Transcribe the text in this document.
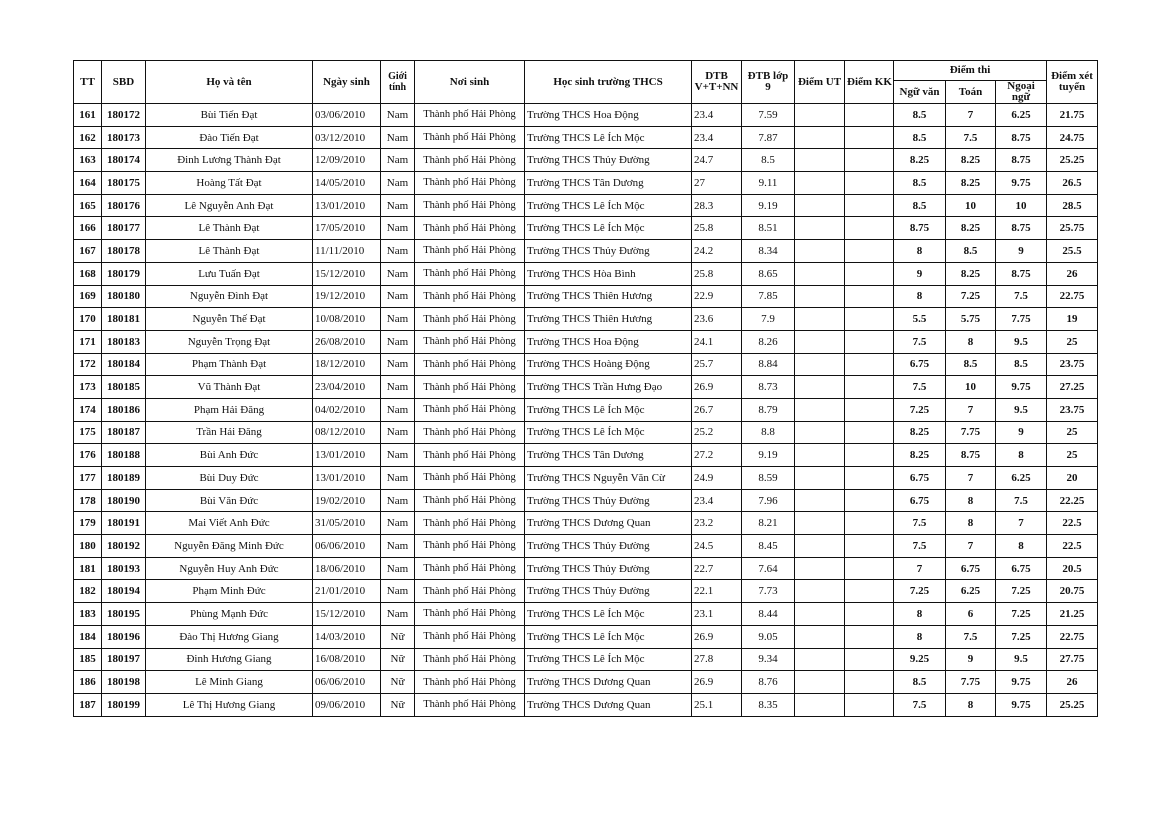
TT	SBD	Họ và tên	Ngày sinh	Giới tính	Nơi sinh	Học sinh trường THCS	DTB V+T+NN	ĐTB lớp 9	Điểm UT	Điểm KK	Điểm thi			Điểm xét tuyển
											Ngữ văn	Toán	Ngoại ngữ	
161	180172	Bùi Tiến Đạt	03/06/2010	Nam	Thành phố Hải Phòng	Trường THCS Hoa Động	23.4	7.59			8.5	7	6.25	21.75
162	180173	Đào Tiến Đạt	03/12/2010	Nam	Thành phố Hải Phòng	Trường THCS Lê Ích Mộc	23.4	7.87			8.5	7.5	8.75	24.75
163	180174	Đinh Lương Thành Đạt	12/09/2010	Nam	Thành phố Hải Phòng	Trường THCS Thủy Đường	24.7	8.5			8.25	8.25	8.75	25.25
164	180175	Hoàng Tất Đạt	14/05/2010	Nam	Thành phố Hải Phòng	Trường THCS Tân Dương	27	9.11			8.5	8.25	9.75	26.5
165	180176	Lê Nguyễn Anh Đạt	13/01/2010	Nam	Thành phố Hải Phòng	Trường THCS Lê Ích Mộc	28.3	9.19			8.5	10	10	28.5
166	180177	Lê Thành Đạt	17/05/2010	Nam	Thành phố Hải Phòng	Trường THCS Lê Ích Mộc	25.8	8.51			8.75	8.25	8.75	25.75
167	180178	Lê Thành Đạt	11/11/2010	Nam	Thành phố Hải Phòng	Trường THCS Thủy Đường	24.2	8.34			8	8.5	9	25.5
168	180179	Lưu Tuấn Đạt	15/12/2010	Nam	Thành phố Hải Phòng	Trường THCS Hòa Bình	25.8	8.65			9	8.25	8.75	26
169	180180	Nguyễn Đình Đạt	19/12/2010	Nam	Thành phố Hải Phòng	Trường THCS Thiên Hương	22.9	7.85			8	7.25	7.5	22.75
170	180181	Nguyễn Thế Đạt	10/08/2010	Nam	Thành phố Hải Phòng	Trường THCS Thiên Hương	23.6	7.9			5.5	5.75	7.75	19
171	180183	Nguyễn Trọng Đạt	26/08/2010	Nam	Thành phố Hải Phòng	Trường THCS Hoa Động	24.1	8.26			7.5	8	9.5	25
172	180184	Phạm Thành Đạt	18/12/2010	Nam	Thành phố Hải Phòng	Trường THCS Hoàng Động	25.7	8.84			6.75	8.5	8.5	23.75
173	180185	Vũ Thành Đạt	23/04/2010	Nam	Thành phố Hải Phòng	Trường THCS Trần Hưng Đạo	26.9	8.73			7.5	10	9.75	27.25
174	180186	Phạm Hải Đăng	04/02/2010	Nam	Thành phố Hải Phòng	Trường THCS Lê Ích Mộc	26.7	8.79			7.25	7	9.5	23.75
175	180187	Trần Hải Đăng	08/12/2010	Nam	Thành phố Hải Phòng	Trường THCS Lê Ích Mộc	25.2	8.8			8.25	7.75	9	25
176	180188	Bùi Anh Đức	13/01/2010	Nam	Thành phố Hải Phòng	Trường THCS Tân Dương	27.2	9.19			8.25	8.75	8	25
177	180189	Bùi Duy Đức	13/01/2010	Nam	Thành phố Hải Phòng	Trường THCS Nguyễn Văn Cừ	24.9	8.59			6.75	7	6.25	20
178	180190	Bùi Văn Đức	19/02/2010	Nam	Thành phố Hải Phòng	Trường THCS Thủy Đường	23.4	7.96			6.75	8	7.5	22.25
179	180191	Mai Viết Anh Đức	31/05/2010	Nam	Thành phố Hải Phòng	Trường THCS Dương Quan	23.2	8.21			7.5	8	7	22.5
180	180192	Nguyễn Đăng Minh Đức	06/06/2010	Nam	Thành phố Hải Phòng	Trường THCS Thủy Đường	24.5	8.45			7.5	7	8	22.5
181	180193	Nguyễn Huy Anh Đức	18/06/2010	Nam	Thành phố Hải Phòng	Trường THCS Thủy Đường	22.7	7.64			7	6.75	6.75	20.5
182	180194	Phạm Minh Đức	21/01/2010	Nam	Thành phố Hải Phòng	Trường THCS Thủy Đường	22.1	7.73			7.25	6.25	7.25	20.75
183	180195	Phùng Mạnh Đức	15/12/2010	Nam	Thành phố Hải Phòng	Trường THCS Lê Ích Mộc	23.1	8.44			8	6	7.25	21.25
184	180196	Đào Thị Hương Giang	14/03/2010	Nữ	Thành phố Hải Phòng	Trường THCS Lê Ích Mộc	26.9	9.05			8	7.5	7.25	22.75
185	180197	Đinh Hương Giang	16/08/2010	Nữ	Thành phố Hải Phòng	Trường THCS Lê Ích Mộc	27.8	9.34			9.25	9	9.5	27.75
186	180198	Lê Minh Giang	06/06/2010	Nữ	Thành phố Hải Phòng	Trường THCS Dương Quan	26.9	8.76			8.5	7.75	9.75	26
187	180199	Lê Thị Hương Giang	09/06/2010	Nữ	Thành phố Hải Phòng	Trường THCS Dương Quan	25.1	8.35			7.5	8	9.75	25.25
